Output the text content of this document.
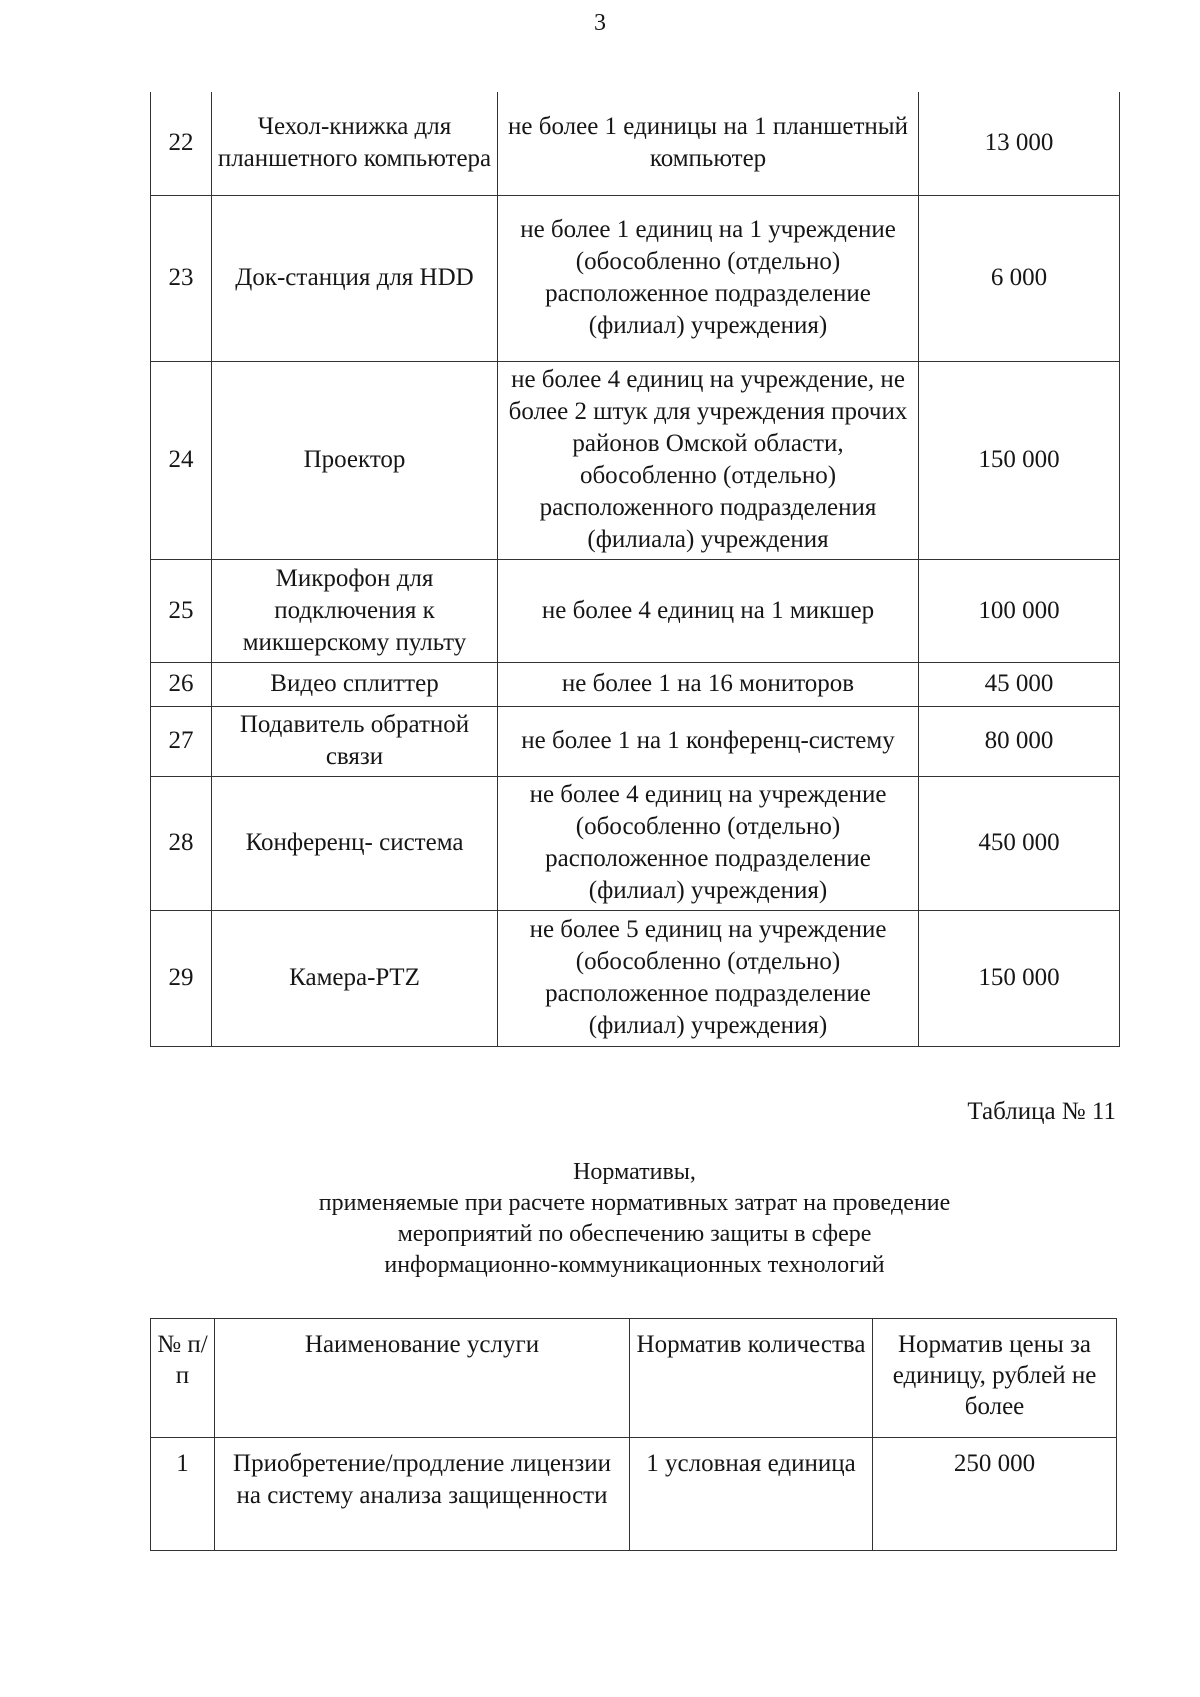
3
22	Чехол-книжка для планшетного компьютера	не более 1 единицы на 1 планшетный компьютер	13 000
23	Док-станция для HDD	не более 1 единиц на 1 учреждение (обособленно (отдельно) расположенное подразделение (филиал) учреждения)	6 000
24	Проектор	не более 4 единиц на учреждение, не более 2 штук для учреждения прочих районов Омской области, обособленно (отдельно) расположенного подразделения (филиала) учреждения	150 000
25	Микрофон для подключения к микшерскому пульту	не более 4 единиц на 1 микшер	100 000
26	Видео сплиттер	не более 1 на 16 мониторов	45 000
27	Подавитель обратной связи	не более 1 на 1 конференц-систему	80 000
28	Конференц- система	не более 4 единиц на учреждение (обособленно (отдельно) расположенное подразделение (филиал) учреждения)	450 000
29	Камера-PTZ	не более 5 единиц на учреждение (обособленно (отдельно) расположенное подразделение (филиал) учреждения)	150 000
Таблица № 11
Нормативы,
применяемые при расчете нормативных затрат на проведение
мероприятий по обеспечению защиты в сфере
информационно-коммуникационных технологий
№ п/п	Наименование услуги	Норматив количества	Норматив цены за единицу, рублей не более
1	Приобретение/продление лицензии на систему анализа защищенности	1 условная единица	250 000
